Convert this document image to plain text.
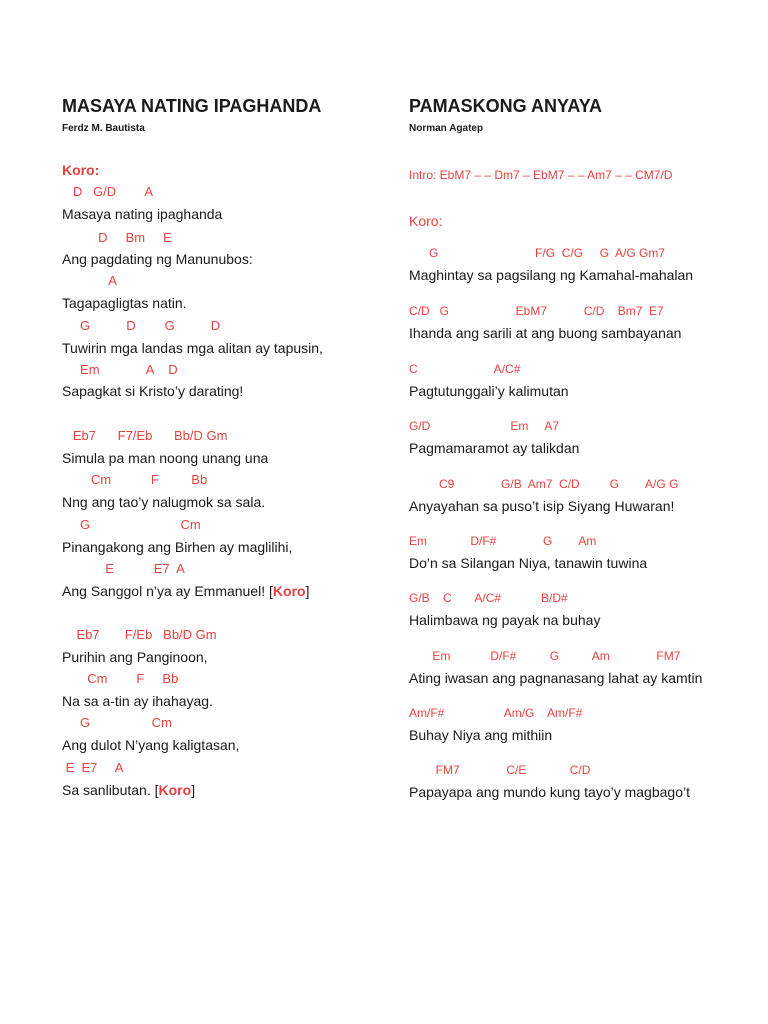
MASAYA NATING IPAGHANDA
Ferdz M. Bautista
Koro:
D   G/D        A
Masaya nating ipaghanda
D     Bm     E
Ang pagdating ng Manunubos:
A
Tagapagligtas natin.
G          D        G          D
Tuwirin mga landas mga alitan ay tapusin,
Em             A    D
Sapagkat si Kristo’y darating!
Eb7      F7/Eb      Bb/D Gm
Simula pa man noong unang una
Cm           F         Bb
Nng ang tao’y nalugmok sa sala.
G                         Cm
Pinangakong ang Birhen ay maglilihi,
E           E7  A
Ang Sanggol n’ya ay Emmanuel! [Koro]
Eb7       F/Eb   Bb/D Gm
Purihin ang Panginoon,
Cm        F     Bb
Na sa a-tin ay ihahayag.
G                 Cm
Ang dulot N’yang kaligtasan,
E  E7     A
Sa sanlibutan. [Koro]
PAMASKONG ANYAYA
Norman Agatep
Intro: EbM7 – – Dm7 – EbM7 – – Am7 – – CM7/D
Koro:
G                             F/G  C/G     G  A/G Gm7
Maghintay sa pagsilang ng Kamahal-mahalan
C/D   G                    EbM7           C/D    Bm7  E7
Ihanda ang sarili at ang buong sambayanan
C                       A/C#
Pagtutunggali’y kalimutan
G/D                        Em     A7
Pagmamaramot ay talikdan
C9              G/B  Am7  C/D         G        A/G G
Anyayahan sa puso’t isip Siyang Huwaran!
Em             D/F#              G        Am
Do’n sa Silangan Niya, tanawin tuwina
G/B    C       A/C#            B/D#
Halimbawa ng payak na buhay
Em            D/F#          G          Am              FM7
Ating iwasan ang pagnanasang lahat ay kamtin
Am/F#                  Am/G    Am/F#
Buhay Niya ang mithiin
FM7              C/E             C/D
Papayapa ang mundo kung tayo’y magbago’t
